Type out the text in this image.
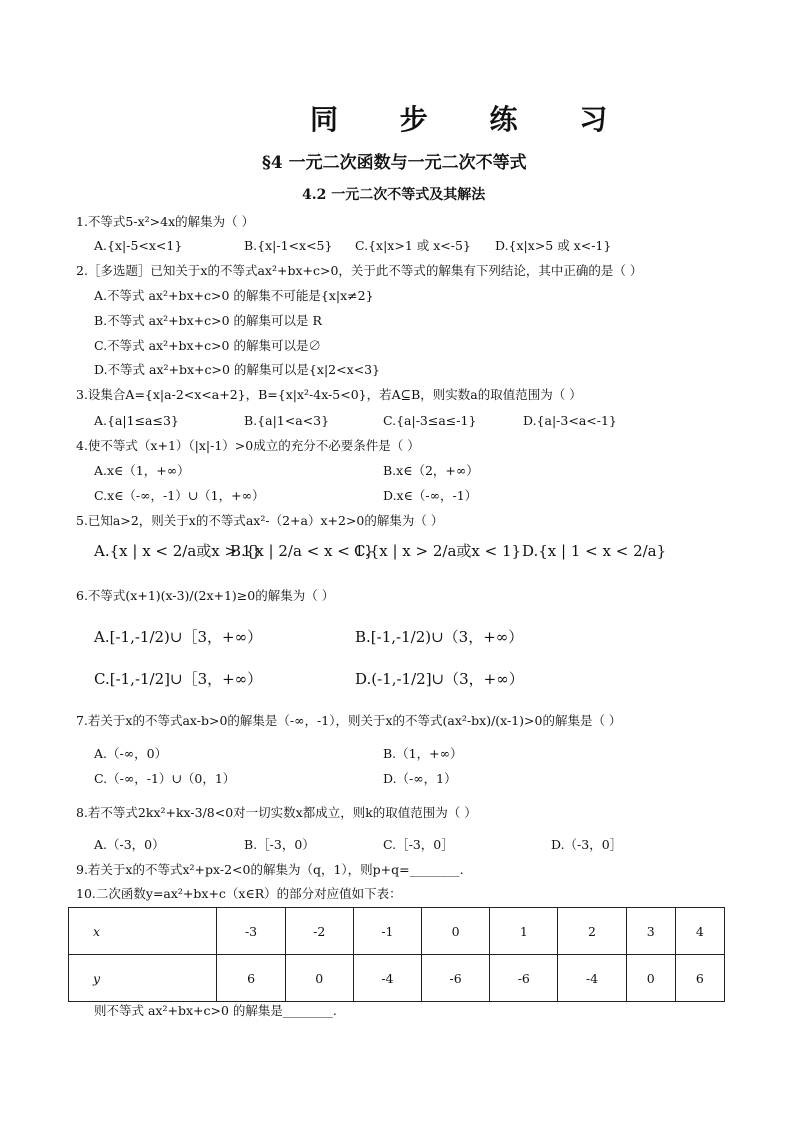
同 步 练 习
§4 一元二次函数与一元二次不等式
4.2 一元二次不等式及其解法
1.不等式5-x²>4x的解集为（ ）
A.{x|-5<x<1}	B.{x|-1<x<5} C.{x|x>1 或 x<-5} D.{x|x>5 或 x<-1}
2.［多选题］已知关于x的不等式ax²+bx+c>0，关于此不等式的解集有下列结论，其中正确的是（ ）
A.不等式 ax²+bx+c>0 的解集不可能是{x|x≠2}
B.不等式 ax²+bx+c>0 的解集可以是 R
C.不等式 ax²+bx+c>0 的解集可以是∅
D.不等式 ax²+bx+c>0 的解集可以是{x|2<x<3}
3.设集合A={x|a-2<x<a+2}，B={x|x²-4x-5<0}，若A⊆B，则实数a的取值范围为（ ）
A.{a|1≤a≤3}	B.{a|1<a<3}	C.{a|-3≤a≤-1}	D.{a|-3<a<-1}
4.使不等式（x+1）（|x|-1）>0成立的充分不必要条件是（ ）
A.x∈（1，+∞）	B.x∈（2，+∞）
C.x∈（-∞，-1）∪（1，+∞）	D.x∈（-∞，-1）
5.已知a>2，则关于x的不等式ax²-（2+a）x+2>0的解集为（ ）
A.{x | x < 2/a或x > 1}
B.{x | 2/a < x < 1}
C.{x | x > 2/a或x < 1} D.{x | 1 < x < 2/a}
6.不等式(x+1)(x-3)/(2x+1)≥0的解集为（ ）
A.[-1,-1/2)∪［3，+∞）	B.[-1,-1/2)∪（3，+∞）
C.[-1,-1/2]∪［3，+∞）	D.(-1,-1/2]∪（3，+∞）
7.若关于x的不等式ax-b>0的解集是（-∞，-1），则关于x的不等式(ax²-bx)/(x-1)>0的解集是（ ）
A.（-∞，0）	B.（1，+∞）
C.（-∞，-1）∪（0，1）	D.（-∞，1）
8.若不等式2kx²+kx-3/8<0对一切实数x都成立，则k的取值范围为（ ）
A.（-3，0）	B.［-3，0）	C.［-3，0］	D.（-3，0］
9.若关于x的不等式x²+px-2<0的解集为（q，1），则p+q=________.
10.二次函数y=ax²+bx+c（x∈R）的部分对应值如下表：
x	-3	-2	-1	0	1	2	3	4
y	6	0	-4	-6	-6	-4	0	6
则不等式 ax²+bx+c>0 的解集是________.
